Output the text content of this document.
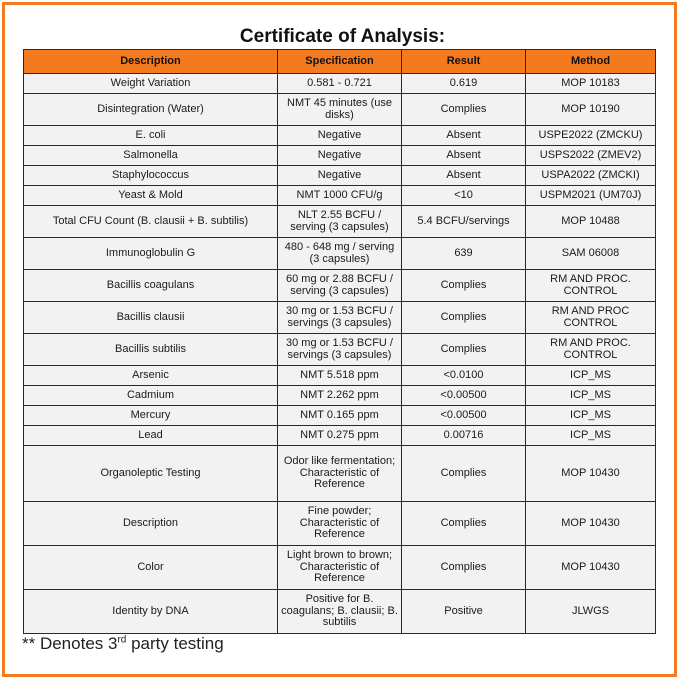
Certificate of Analysis:
Description	Specification	Result	Method
Weight Variation	0.581 - 0.721	0.619	MOP 10183
Disintegration (Water)	NMT 45 minutes (use disks)	Complies	MOP 10190
E. coli	Negative	Absent	USPE2022 (ZMCKU)
Salmonella	Negative	Absent	USPS2022 (ZMEV2)
Staphylococcus	Negative	Absent	USPA2022 (ZMCKI)
Yeast & Mold	NMT 1000 CFU/g	<10	USPM2021 (UM70J)
Total CFU Count (B. clausii + B. subtilis)	NLT 2.55 BCFU / serving (3 capsules)	5.4 BCFU/servings	MOP 10488
Immunoglobulin G	480 - 648 mg / serving (3 capsules)	639	SAM 06008
Bacillis coagulans	60 mg or 2.88 BCFU / serving (3 capsules)	Complies	RM AND PROC. CONTROL
Bacillis clausii	30 mg or 1.53 BCFU / servings (3 capsules)	Complies	RM AND PROC CONTROL
Bacillis subtilis	30 mg or 1.53 BCFU / servings (3 capsules)	Complies	RM AND PROC. CONTROL
Arsenic	NMT 5.518 ppm	<0.0100	ICP_MS
Cadmium	NMT 2.262 ppm	<0.00500	ICP_MS
Mercury	NMT 0.165 ppm	<0.00500	ICP_MS
Lead	NMT 0.275 ppm	0.00716	ICP_MS
Organoleptic Testing	Odor like fermentation; Characteristic of Reference	Complies	MOP 10430
Description	Fine powder; Characteristic of Reference	Complies	MOP 10430
Color	Light brown to brown; Characteristic of Reference	Complies	MOP 10430
Identity by DNA	Positive for B. coagulans; B. clausii; B. subtilis	Positive	JLWGS
** Denotes 3rd party testing
